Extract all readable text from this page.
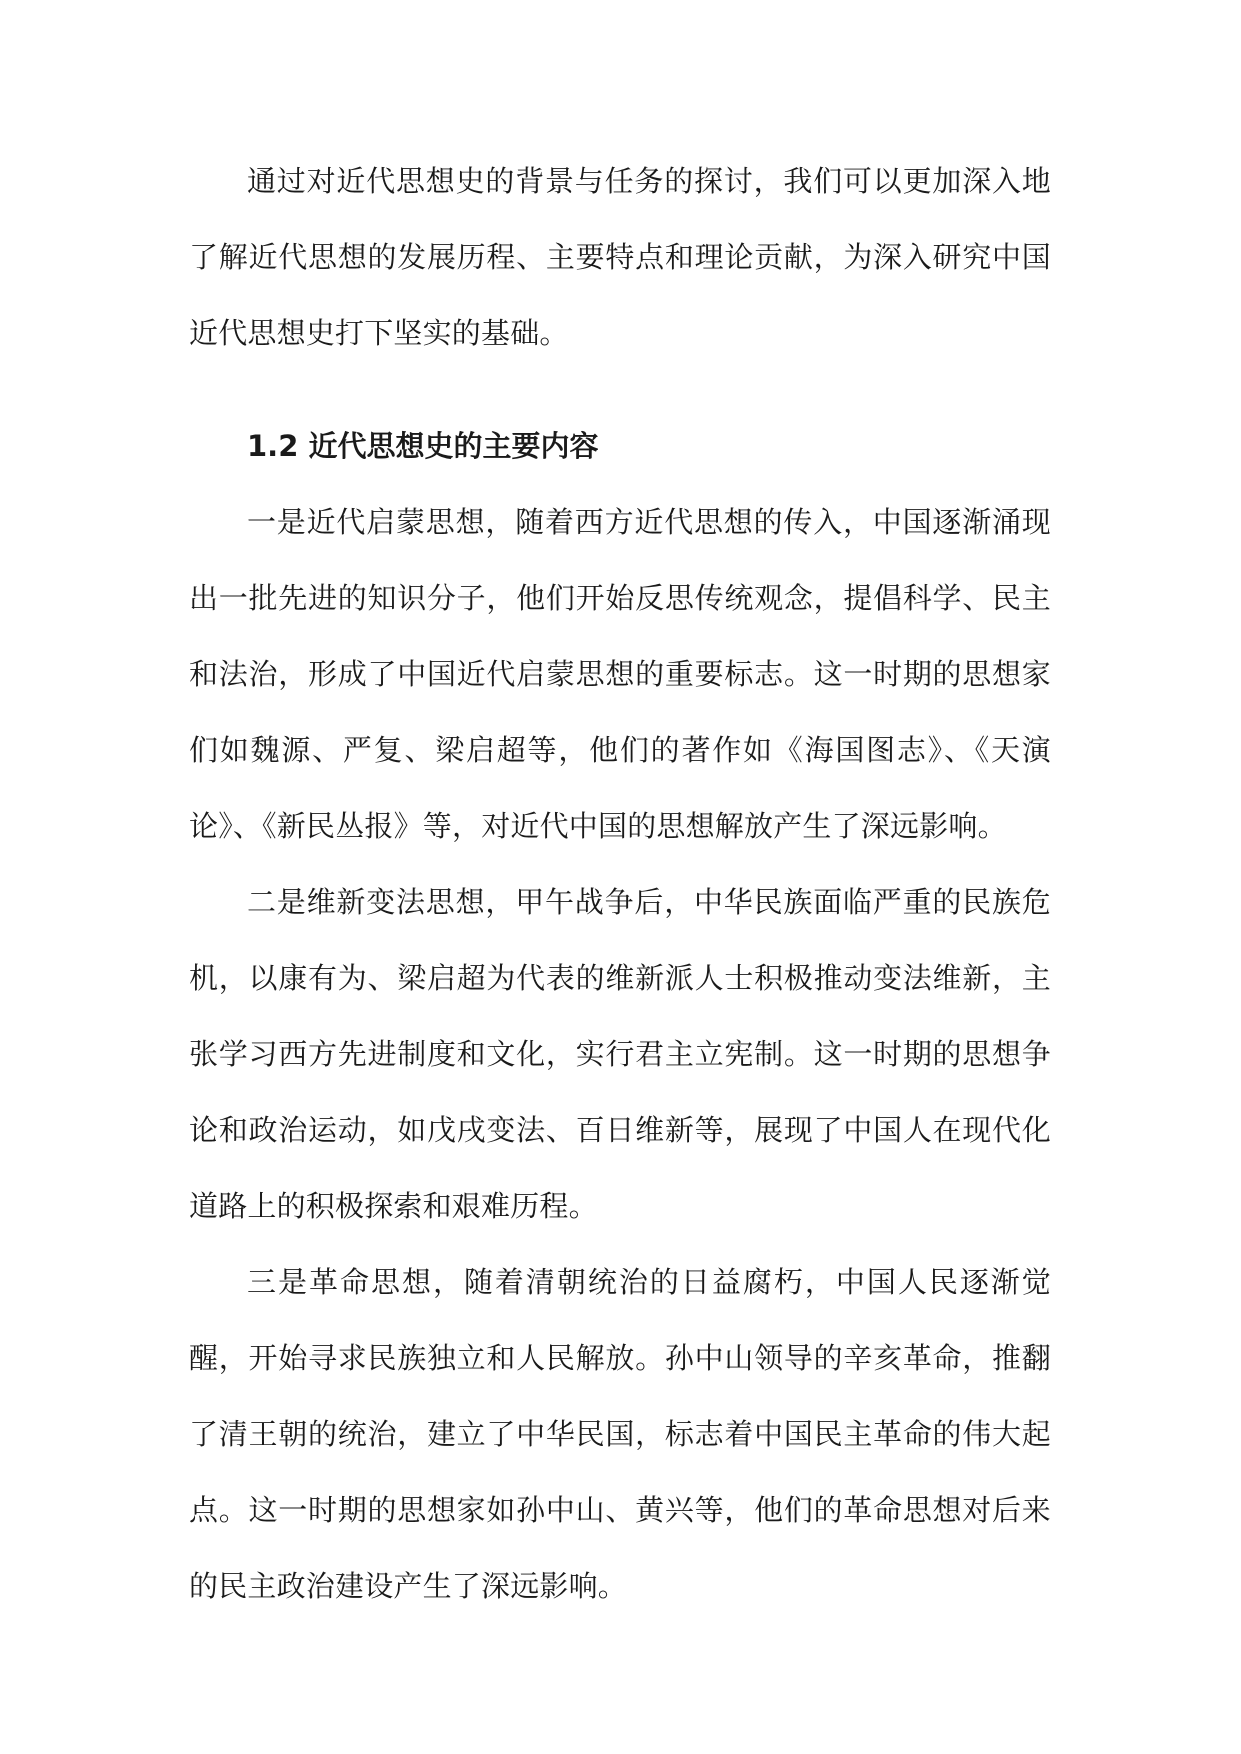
通过对近代思想史的背景与任务的探讨，我们可以更加深入地了解近代思想的发展历程、主要特点和理论贡献，为深入研究中国近代思想史打下坚实的基础。

1.2 近代思想史的主要内容

一是近代启蒙思想，随着西方近代思想的传入，中国逐渐涌现出一批先进的知识分子，他们开始反思传统观念，提倡科学、民主和法治，形成了中国近代启蒙思想的重要标志。这一时期的思想家们如魏源、严复、梁启超等，他们的著作如《海国图志》、《天演论》、《新民丛报》等，对近代中国的思想解放产生了深远影响。

二是维新变法思想，甲午战争后，中华民族面临严重的民族危机，以康有为、梁启超为代表的维新派人士积极推动变法维新，主张学习西方先进制度和文化，实行君主立宪制。这一时期的思想争论和政治运动，如戊戌变法、百日维新等，展现了中国人在现代化道路上的积极探索和艰难历程。

三是革命思想，随着清朝统治的日益腐朽，中国人民逐渐觉醒，开始寻求民族独立和人民解放。孙中山领导的辛亥革命，推翻了清王朝的统治，建立了中华民国，标志着中国民主革命的伟大起点。这一时期的思想家如孙中山、黄兴等，他们的革命思想对后来的民主政治建设产生了深远影响。
